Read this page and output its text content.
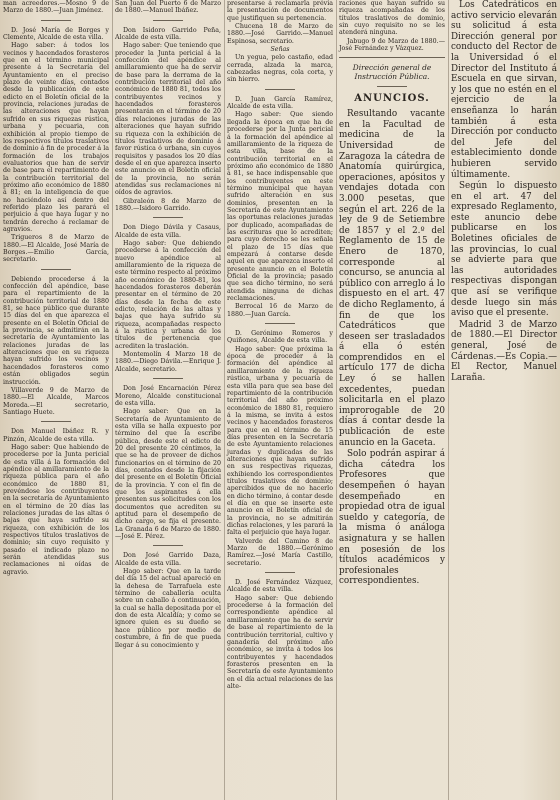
man acreedores.—Mosno 9 de Marzo de 1880.—Juan Jiménez.

D. José María de Borges y Clemente, Alcalde de esta villa.

Hago saber: á todos los vecinos y hacendados forasteros que en el término municipal presente á la Secretaría del Ayuntamiento en el preciso plazo de veinte días, contados desde la publicación de este edicto en el Boletín oficial de la provincia, relaciones juradas de las alteraciones que hayan sufrido en sus riquezas rústica, urbana y pecuaria, con exhibición al propio tiempo de los respectivos títulos traslativos de dominio á fin de proceder á la formación de los trabajos evaluatorios que han de servir de base para el repartimiento de la contribución territorial del próximo año económico de 1880 á 81; en la inteligencia de que no haciéndolo así dentro del referido plazo les parará el perjuicio á que haya lugar y no tendrán derecho á reclamar de agravios.

Trigueros 8 de Marzo de 1880.—El Alcalde, José María de Borges.—Emilio García, secretario.

Debiendo procederse á la confección del apéndice, base para el repartimiento de la contribución territorial de 1880 81, se hace público que durante 15 días del en que aparezca el presente en el Boletín Oficial de la provincia, se admitirán en la secretaría de Ayuntamiento las relaciones juradas de las alteraciones que en su riqueza hayan sufrido los vecinos y hacendados forasteros como están obligados según instrucción.

Villaverde 9 de Marzo de 1880.—El Alcalde, Marcos Moreda.—El secretario, Santiago Huete.

Don Manuel Ibáñez R. y Pinzón, Alcalde de esta villa.

Hago saber: Que habiendo de procederse por la Junta pericial de esta villa á la formación del apéndice al amillaramiento de la riqueza pública para el año económico de 1880 81, prevéndose los contribuyentes en la secretaría de Ayuntamiento en el término de 20 días las relaciones juradas de las altas ó bajas que haya sufrido su riqueza, con exhibición de los respectivos títulos traslativos de dominio; sin cuyo requisito y pasado el indicado plazo no serán atendidas sus reclamaciones ni oídas de agravio.

San Juan del Puerto 6 de Marzo de 1880.—Manuel Ibáñez.

Don Isidoro Garrido Peña, Alcalde de esta villa.

Hago saber: Que teniendo que proceder la Junta pericial á la confección del apéndice al amillaramiento que ha de servir de base para la derrama de la contribución territorial del año económico de 1880 81, todos los contribuyentes vecinos y hacendados forasteros presentarán en el término de 20 días relaciones juradas de las alteraciones que hayan sufrido su riqueza con la exhibición de títulos traslativos de dominio á favor rústica ó urbana, sin cuyos requisitos y pasados los 20 días desde el en que aparezca inserto este anuncio en el Boletín oficial de la provincia, no serán atendidas sus reclamaciones ni oídos de agravios.

Gibraleón 8 de Marzo de 1880.—Isidoro Garrido.

Don Diego Dávila y Casaus, Alcalde de esta villa.

Hago saber: Que debiendo procederse á la confección del nuevo apéndice al amillaramiento de la riqueza de este término respecto al próximo año económico de 1880-81, los hacendados forasteros deberán presentar en el término de 20 días desde la fecha de este edicto, relación de las altas y bajas que haya sufrido su riqueza, acompañadas respecto á la rústica y urbana de los títulos de pertenencia que acrediten la traslación.

Montemolín 4 Marzo 18 de 1880.—Diego Dávila.—Enrique J. Alcalde, secretario.

Don José Encarnación Pérez Moreno, Alcalde constitucional de esta villa.

Hago saber: Que en la Secretaría de Ayuntamiento de esta villa se halla expuesto por término del que la escribe pública, desde este el edicto de 20 del presente 20 céntimos, la que se ha de proveer de dichos funcionarios en el término de 20 días, contados desde la fijación del presente en el Boletín Oficial de la provincia. Y con el fin de que los aspirantes á ella presenten sus solicitudes con los documentos que acrediten su aptitud para el desempeño de dicho cargo, se fija el presente. La Granada 6 de Marzo de 1880.—José E. Pérez.

Don José Garrido Daza, Alcalde de esta villa.

Hago saber: Que en la tarde del día 15 del actual apareció en la dehesa de Tarrafuela este término de caballería oculta sobre un caballo á continuación, la cual se halla depositada por el don de esta Alcaldía; y como se ignore quien es su dueño se hace público por medio de costumbre, á fin de que pueda llegar á su conocimiento y

presentarse á reclamarla prévia la presentación de documentos que justifiquen su pertenencia.

Chucena 18 de Marzo de 1880.—José Garrido.—Manuel Espinosa, secretario.

Señas

Un yegua, pelo castaño, edad cerrada, alzada la marca, cabezadas negras, cola corta, y sin hierro.

D. Juan García Ramírez, Alcalde de esta villa.

Hago saber: Que siendo llegada la época en que ha de procederse por la Junta pericial á la formación del apéndice al amillaramiento de la riqueza de esta villa, base de la contribución territorial en el próximo año económico de 1880 á 81, se hace indispensable que los contribuyentes en este término municipal que hayan sufrido alteración en sus dominios, presenten en la Secretaría de este Ayuntamiento las oportunas relaciones juradas por duplicado, acompañadas de las escrituras que lo acrediten; para cuyo derecho se les señala el plazo de 15 días que empezará á contarse desde aquel en que aparezca inserto el presente anuncio en el Boletín Oficial de la provincia; pasado que sea dicho término, no será atendida ninguna de dichas reclamaciones.

Berrocal 16 de Marzo de 1880.—Juan García.

D. Gerónimo Romeros y Quiñones, Alcalde de esta villa.

Hago saber: Que próxima la época de proceder á la formación del apéndice al amillaramiento de la riqueza rústica, urbana y pecuaria de esta villa para que sea base del repartimiento de la contribución territorial del año próximo económico de 1880 81, requiero á la misma, se invita á estos vecinos y hacendados forasteros para que en el término de 15 días presenten en la Secretaría de este Ayuntamiento relaciones juradas y duplicadas de las alteraciones que hayan sufrido en sus respectivas riquezas, exhibiendo los correspondientes títulos traslativos de dominio; apercibidos que de no hacerlo en dicho término, á contar desde el día en que se inserte este anuncio en el Boletín oficial de la provincia, no se admitirán dichas relaciones, y les parará la falta el perjuicio que haya lugar.

Valverde del Camino 8 de Marzo de 1880.—Gerónimo Ramírez.—José María Castillo, secretario.

D. José Fernández Vázquez, Alcalde de esta villa.

Hago saber: Que debiendo procederse á la formación del correspondiente apéndice al amillaramiento que ha de servir de base al repartimiento de la contribución territorial, cultivo y ganadería del próximo año económico, se invita á todos los contribuyentes y hacendados forasteros presenten en la Secretaría de este Ayuntamiento en el día actual relaciones de las alte-

raciones que hayan sufrido su riqueza acompañadas de los títulos traslativos de dominio, sin cuyo requisito no se les atenderá ninguna.

Jabugo 9 de Marzo de 1880.—José Fernández y Vázquez.

Dirección general de Instrucción Pública.
ANUNCIOS.

Resultando vacante en la Facultad de medicina de la Universidad de Zaragoza la cátedra de Anatomía quirúrgica, operaciones, apósitos y vendajes dotada con 3.000 pesetas, que según el art. 226 de la ley de 9 de Setiembre de 1857 y el 2.º del Reglamento de 15 de Enero de 1870, corresponde al concurso, se anuncia al público con arreglo á lo dispuesto en el art. 47 de dicho Reglamento, á fin de que los Catedráticos que deseen ser trasladados á ella ó estén comprendidos en el artículo 177 de dicha Ley ó se hallen excedentes, puedan solicitarla en el plazo improrogable de 20 días á contar desde la publicación de este anuncio en la Gaceta.

Solo podrán aspirar á dicha cátedra los Profesores que desempeñen ó hayan desempeñado en propiedad otra de igual sueldo y categoría, de la misma ó análoga asignatura y se hallen en posesión de los títulos académicos y profesionales correspondientes.

Los Catedráticos en activo servicio elevarán su solicitud á esta Dirección general por conducto del Rector de la Universidad ó el Director del Instituto á Escuela en que sirvan, y los que no estén en el ejercicio de la enseñanza lo harán también á esta Dirección por conducto del Jefe del establecimiento donde hubieren servido últimamente.

Según lo dispuesto en el art. 47 del expresado Reglamento, este anuncio debe publicarse en los Boletines oficiales de las provincias, lo cual se advierte para que las autoridades respectivas dispongan que así se verifique desde luego sin más aviso que el presente.

Madrid 3 de Marzo de 1880.—El Director general, José de Cárdenas.—Es Copia.—El Rector, Manuel Laraña.
